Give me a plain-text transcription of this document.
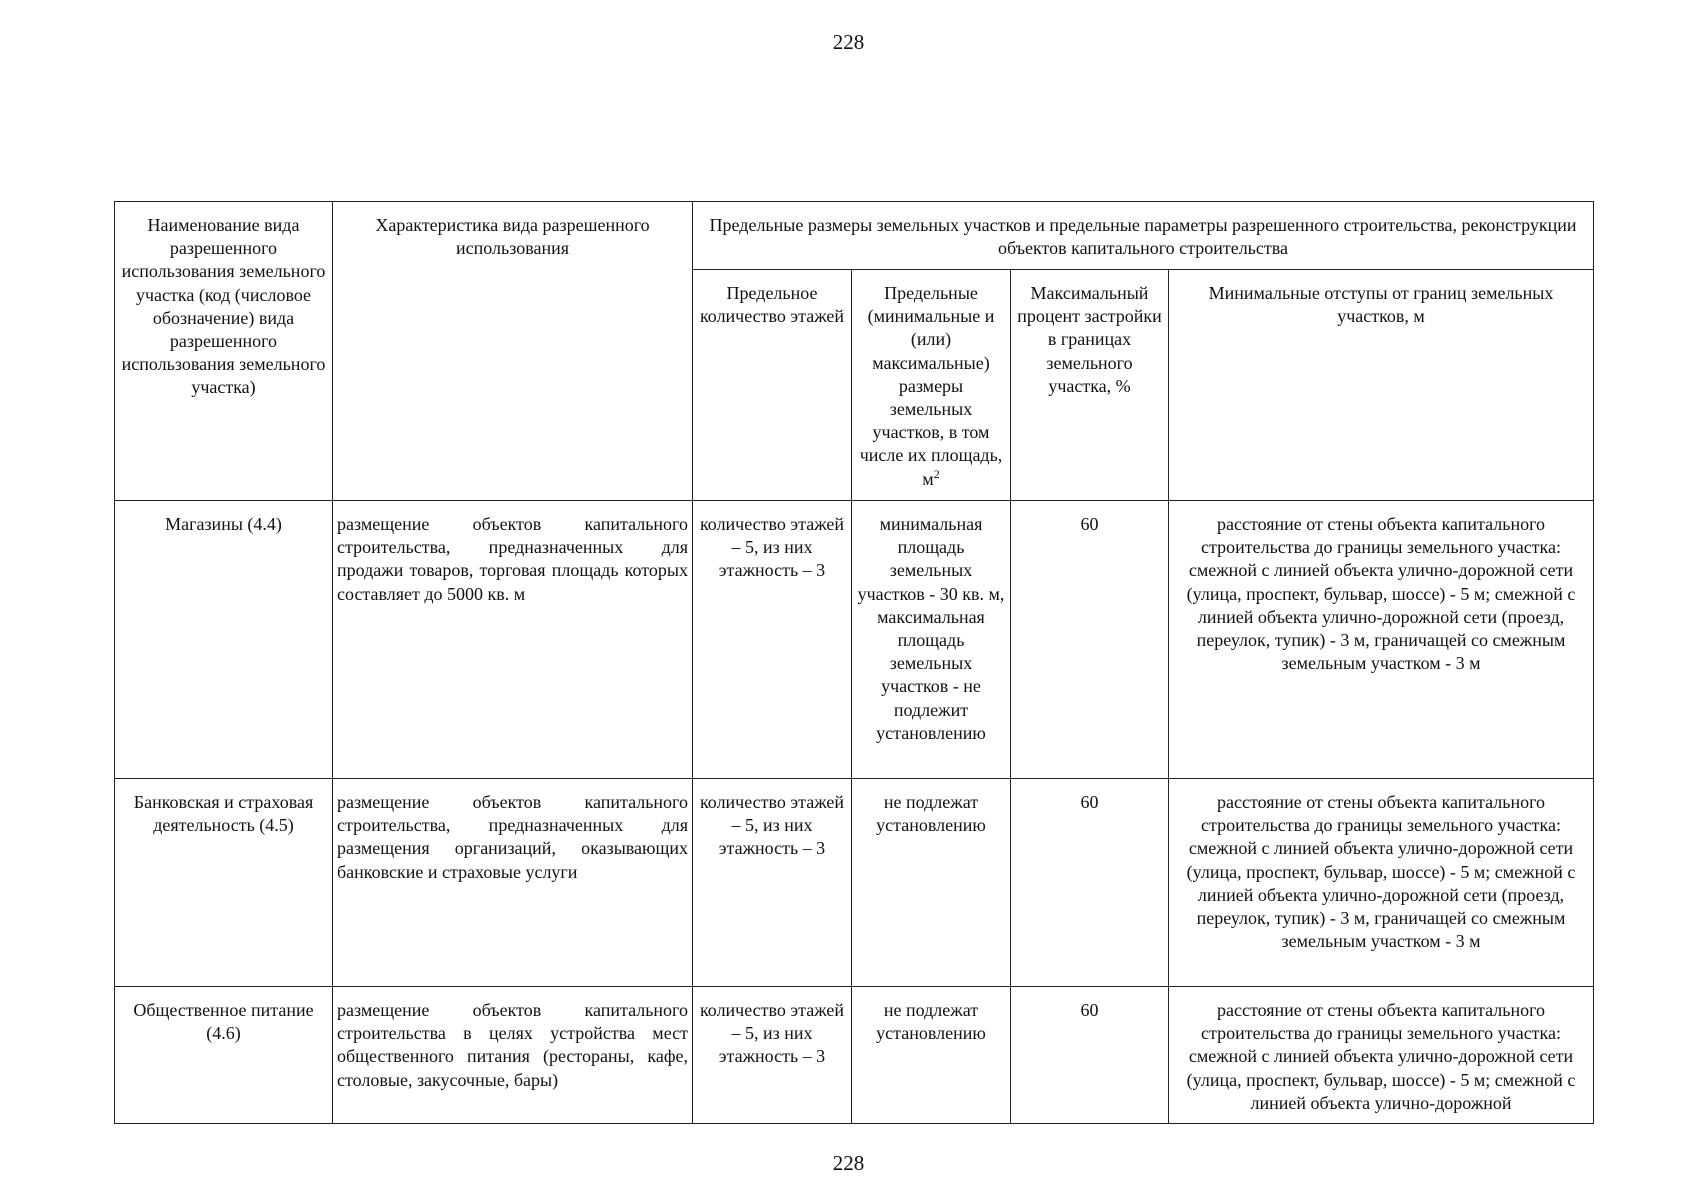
228
Наименование вида разрешенного использования земельного участка (код (числовое обозначение) вида разрешенного использования земельного участка)	Характеристика вида разрешенного использования	Предельные размеры земельных участков и предельные параметры разрешенного строительства, реконструкции объектов капитального строительства			
		Предельное количество этажей	Предельные (минимальные и (или) максимальные) размеры земельных участков, в том числе их площадь, $м^2$	Максимальный процент застройки в границах земельного участка, %	Минимальные отступы от границ земельных участков, м
Магазины (4.4)	размещение объектов капитального строительства, предназначенных для продажи товаров, торговая площадь которых составляет до 5000 кв. м	количество этажей – 5, из них этажность – 3	минимальная площадь земельных участков - 30 кв. м, максимальная площадь земельных участков - не подлежит установлению	60	расстояние от стены объекта капитального строительства до границы земельного участка: смежной с линией объекта улично-дорожной сети (улица, проспект, бульвар, шоссе) - 5 м; смежной с линией объекта улично-дорожной сети (проезд, переулок, тупик) - 3 м, граничащей со смежным земельным участком - 3 м
Банковская и страховая деятельность (4.5)	размещение объектов капитального строительства, предназначенных для размещения организаций, оказывающих банковские и страховые услуги	количество этажей – 5, из них этажность – 3	не подлежат установлению	60	расстояние от стены объекта капитального строительства до границы земельного участка: смежной с линией объекта улично-дорожной сети (улица, проспект, бульвар, шоссе) - 5 м; смежной с линией объекта улично-дорожной сети (проезд, переулок, тупик) - 3 м, граничащей со смежным земельным участком - 3 м
Общественное питание (4.6)	размещение объектов капитального строительства в целях устройства мест общественного питания (рестораны, кафе, столовые, закусочные, бары)	количество этажей – 5, из них этажность – 3	не подлежат установлению	60	расстояние от стены объекта капитального строительства до границы земельного участка: смежной с линией объекта улично-дорожной сети (улица, проспект, бульвар, шоссе) - 5 м; смежной с линией объекта улично-дорожной
228
